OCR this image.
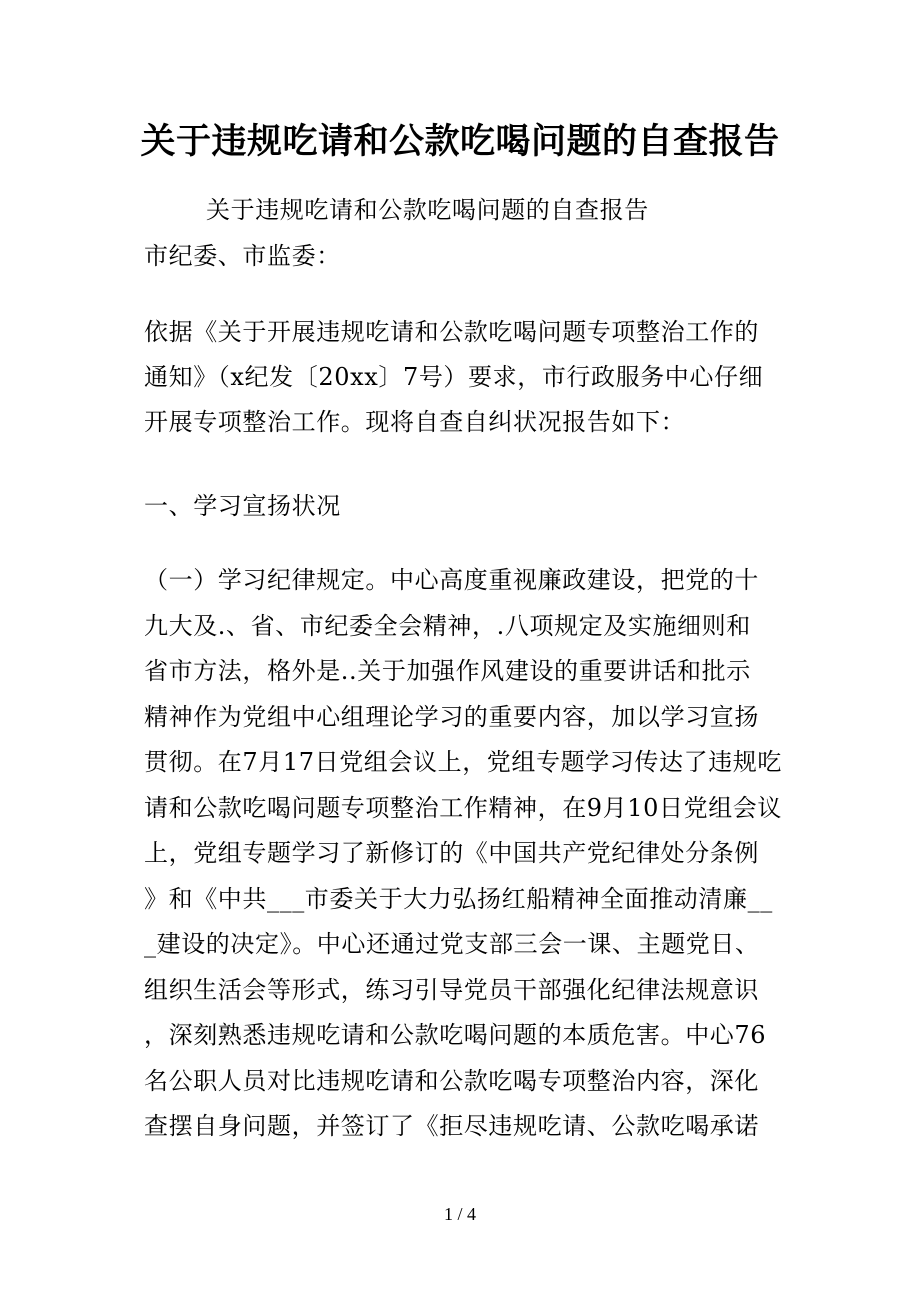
关于违规吃请和公款吃喝问题的自查报告
关于违规吃请和公款吃喝问题的自查报告
市纪委、市监委：
依据《关于开展违规吃请和公款吃喝问题专项整治工作的
通知》（x纪发〔20xx〕7号）要求，市行政服务中心仔细
开展专项整治工作。现将自查自纠状况报告如下：
一、学习宣扬状况
（一）学习纪律规定。中心高度重视廉政建设，把党的十
九大及.、省、市纪委全会精神，.八项规定及实施细则和
省市方法，格外是..关于加强作风建设的重要讲话和批示
精神作为党组中心组理论学习的重要内容，加以学习宣扬
贯彻。在7月17日党组会议上，党组专题学习传达了违规吃
请和公款吃喝问题专项整治工作精神，在9月10日党组会议
上，党组专题学习了新修订的《中国共产党纪律处分条例
》和《中共___市委关于大力弘扬红船精神全面推动清廉__
_建设的决定》。中心还通过党支部三会一课、主题党日、
组织生活会等形式，练习引导党员干部强化纪律法规意识
，深刻熟悉违规吃请和公款吃喝问题的本质危害。中心76
名公职人员对比违规吃请和公款吃喝专项整治内容，深化
查摆自身问题，并签订了《拒尽违规吃请、公款吃喝承诺
1 / 4
